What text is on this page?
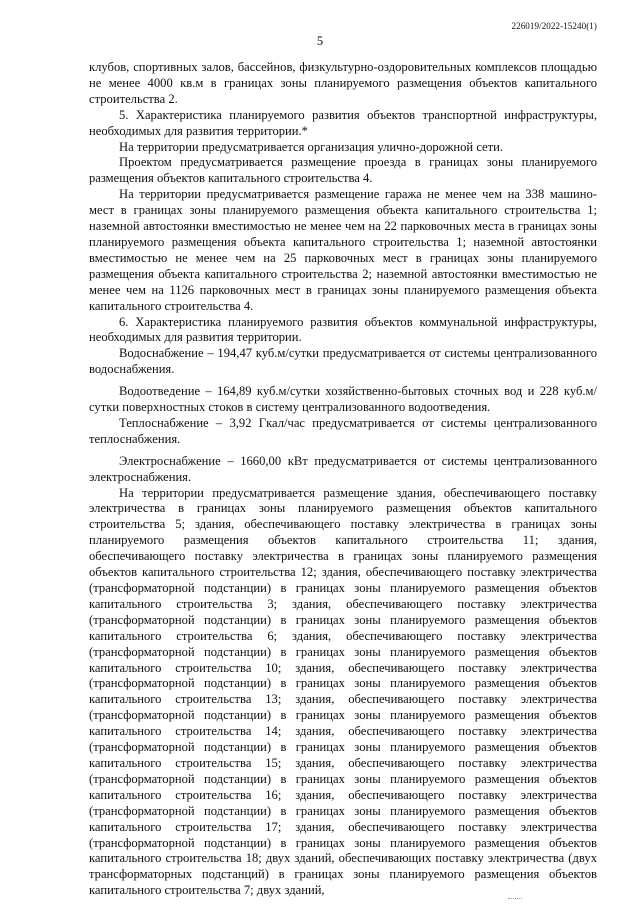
226019/2022-15240(1)
5

клубов, спортивных залов, бассейнов, физкультурно-оздоровительных комплексов площадью не менее 4000 кв.м в границах зоны планируемого размещения объектов капитального строительства 2.

5. Характеристика планируемого развития объектов транспортной инфраструктуры, необходимых для развития территории.*

На территории предусматривается организация улично-дорожной сети.

Проектом предусматривается размещение проезда в границах зоны планируемого размещения объектов капитального строительства 4.

На территории предусматривается размещение гаража не менее чем на 338 машино-мест в границах зоны планируемого размещения объекта капитального строительства 1; наземной автостоянки вместимостью не менее чем на 22 парковочных места в границах зоны планируемого размещения объекта капитального строительства 1; наземной автостоянки вместимостью не менее чем на 25 парковочных мест в границах зоны планируемого размещения объекта капитального строительства 2; наземной автостоянки вместимостью не менее чем на 1126 парковочных мест в границах зоны планируемого размещения объекта капитального строительства 4.

6. Характеристика планируемого развития объектов коммунальной инфраструктуры, необходимых для развития территории.

Водоснабжение – 194,47 куб.м/сутки предусматривается от системы централизованного водоснабжения.

Водоотведение – 164,89 куб.м/сутки хозяйственно-бытовых сточных вод и 228 куб.м/сутки поверхностных стоков в систему централизованного водоотведения.

Теплоснабжение – 3,92 Гкал/час предусматривается от системы централизованного теплоснабжения.

Электроснабжение – 1660,00 кВт предусматривается от системы централизованного электроснабжения.

На территории предусматривается размещение здания, обеспечивающего поставку электричества в границах зоны планируемого размещения объектов капитального строительства 5; здания, обеспечивающего поставку электричества в границах зоны планируемого размещения объектов капитального строительства 11; здания, обеспечивающего поставку электричества в границах зоны планируемого размещения объектов капитального строительства 12; здания, обеспечивающего поставку электричества (трансформаторной подстанции) в границах зоны планируемого размещения объектов капитального строительства 3; здания, обеспечивающего поставку электричества (трансформаторной подстанции) в границах зоны планируемого размещения объектов капитального строительства 6; здания, обеспечивающего поставку электричества (трансформаторной подстанции) в границах зоны планируемого размещения объектов капитального строительства 10; здания, обеспечивающего поставку электричества (трансформаторной подстанции) в границах зоны планируемого размещения объектов капитального строительства 13; здания, обеспечивающего поставку электричества (трансформаторной подстанции) в границах зоны планируемого размещения объектов капитального строительства 14; здания, обеспечивающего поставку электричества (трансформаторной подстанции) в границах зоны планируемого размещения объектов капитального строительства 15; здания, обеспечивающего поставку электричества (трансформаторной подстанции) в границах зоны планируемого размещения объектов капитального строительства 16; здания, обеспечивающего поставку электричества (трансформаторной подстанции) в границах зоны планируемого размещения объектов капитального строительства 17; здания, обеспечивающего поставку электричества (трансформаторной подстанции) в границах зоны планируемого размещения объектов капитального строительства 18; двух зданий, обеспечивающих поставку электричества (двух трансформаторных подстанций) в границах зоны планируемого размещения объектов капитального строительства 7; двух зданий,
